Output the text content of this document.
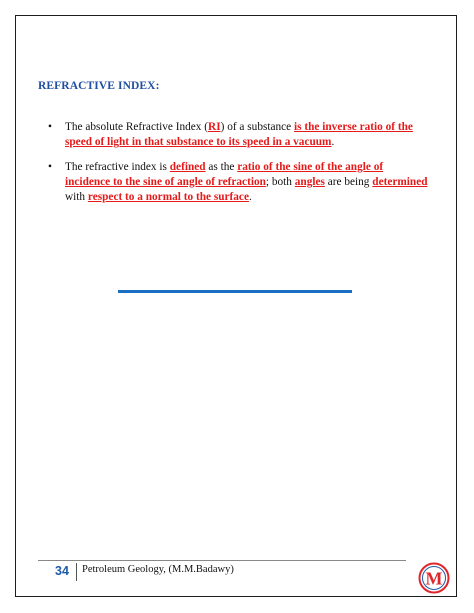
REFRACTIVE INDEX:
• The absolute Refractive Index (RI) of a substance is the inverse ratio of the speed of light in that substance to its speed in a vacuum.
• The refractive index is defined as the ratio of the sine of the angle of incidence to the sine of angle of refraction; both angles are being determined with respect to a normal to the surface.
34 Petroleum Geology, (M.M.Badawy)	M
